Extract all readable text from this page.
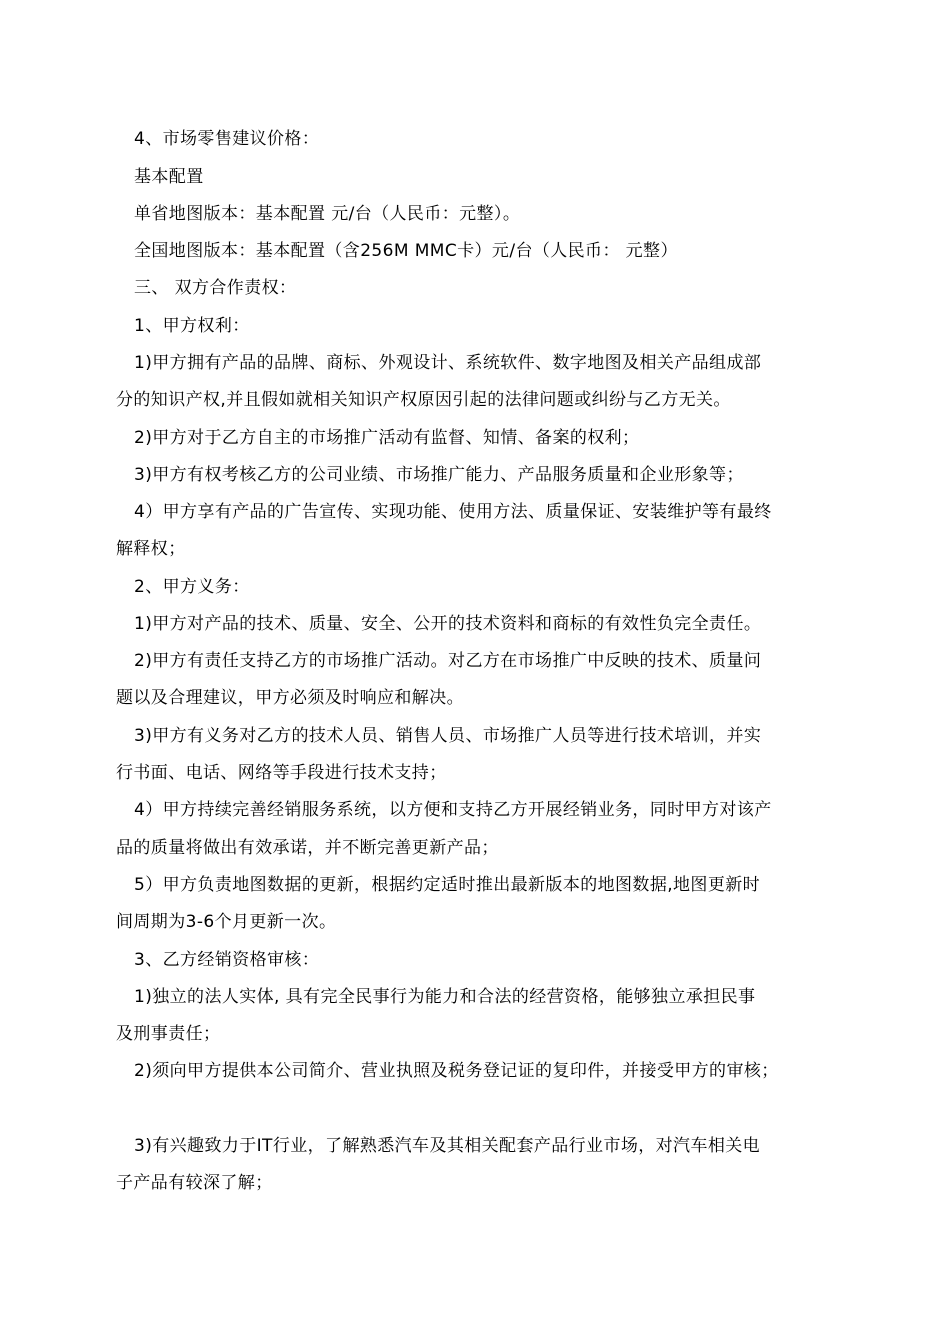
4、市场零售建议价格：
基本配置
单省地图版本：基本配置 元/台（人民币：元整）。
全国地图版本：基本配置（含256M MMC卡）元/台（人民币： 元整）
三、 双方合作责权：
1、甲方权利：
1)甲方拥有产品的品牌、商标、外观设计、系统软件、数字地图及相关产品组成部
分的知识产权,并且假如就相关知识产权原因引起的法律问题或纠纷与乙方无关。
2)甲方对于乙方自主的市场推广活动有监督、知情、备案的权利；
3)甲方有权考核乙方的公司业绩、市场推广能力、产品服务质量和企业形象等；
4）甲方享有产品的广告宣传、实现功能、使用方法、质量保证、安装维护等有最终
解释权；
2、甲方义务：
1)甲方对产品的技术、质量、安全、公开的技术资料和商标的有效性负完全责任。
2)甲方有责任支持乙方的市场推广活动。对乙方在市场推广中反映的技术、质量问
题以及合理建议，甲方必须及时响应和解决。
3)甲方有义务对乙方的技术人员、销售人员、市场推广人员等进行技术培训，并实
行书面、电话、网络等手段进行技术支持；
4）甲方持续完善经销服务系统，以方便和支持乙方开展经销业务，同时甲方对该产
品的质量将做出有效承诺，并不断完善更新产品；
5）甲方负责地图数据的更新，根据约定适时推出最新版本的地图数据,地图更新时
间周期为3-6个月更新一次。
3、乙方经销资格审核：
1)独立的法人实体, 具有完全民事行为能力和合法的经营资格，能够独立承担民事
及刑事责任；
2)须向甲方提供本公司简介、营业执照及税务登记证的复印件，并接受甲方的审核；
3)有兴趣致力于IT行业，了解熟悉汽车及其相关配套产品行业市场，对汽车相关电
子产品有较深了解；
